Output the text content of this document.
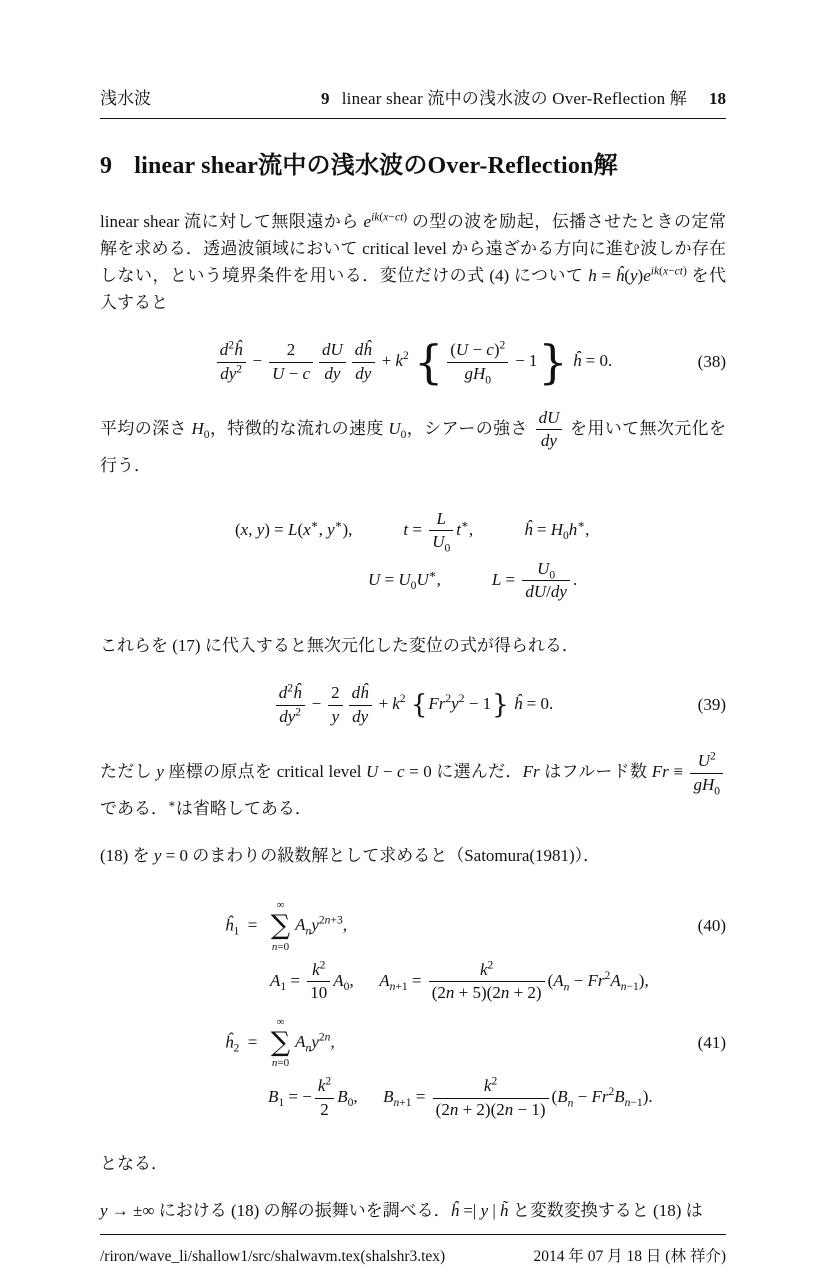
浅水波	9 linear shear 流中の浅水波の Over-Reflection 解 18
9 linear shear流中の浅水波のOver-Reflection解

linear shear 流に対して無限遠から $e^{ik(x-ct)}$ の型の波を励起，伝播させたときの定常解を求める．透過波領域において critical level から遠ざかる方向に進む波しか存在しない，という境界条件を用いる．変位だけの式 (4) について $h = ĥ(y)e^{ik(x-ct)}$ を代入すると

$\frac{d^2ĥ}{dy^2} - \frac{2}{U - c} \frac{dU}{dy} \frac{dĥ}{dy} + k^2$ { $\frac{(U - c)^2}{gH_0} - 1$} ĥ = 0.	(38)

平均の深さ $H_0$，特徴的な流れの速度 $U_0$，シアーの強さ $\frac{dU}{dy}$ を用いて無次元化を行う．

(x, y) = L(x∗, y∗),   $t = \frac{L}{U_0} t^∗$,   ĥ = $H_0h^∗$,
$U = U_0U^∗$,   $L = \frac{U_0}{dU/dy}$ .

これらを (17) に代入すると無次元化した変位の式が得られる．

$\frac{d^2ĥ}{dy^2} - \frac{2}{y} \frac{dĥ}{dy} + k^2$ $\{Fr^2y^2 - 1\}$ ĥ = 0.	(39)

ただし y 座標の原点を critical level U − c = 0 に選んだ．Fr はフルード数 $Fr \equiv \frac{U^2}{gH_0}$
である．∗は省略してある．

(18) を y = 0 のまわりの級数解として求めると（Satomura(1981)）．

$ĥ_1$ = 
∞
∑
n=0
$A_ny^{2n+3}$,	(40)
$A_1 = \frac{k^2}{10} A_0$,  $A_{n+1} = \frac{k^2}{(2n + 5)(2n + 2)} (A_n - Fr^2A_{n-1})$,
$ĥ_2$ = 
∞
∑
n=0
$A_ny^{2n}$,	(41)
$B_1$ = − $\frac{k^2}{2} B_0$,  $B_{n+1} = \frac{k^2}{(2n + 2)(2n - 1)} (B_n - Fr^2B_{n-1})$.

となる．

y → ±∞ における (18) の解の振舞いを調べる．ĥ =| y | h̃ と変数変換すると (18) は

/riron/wave_li/shallow1/src/shalwavm.tex(shalshr3.tex)	2014 年 07 月 18 日 (林 祥介)
